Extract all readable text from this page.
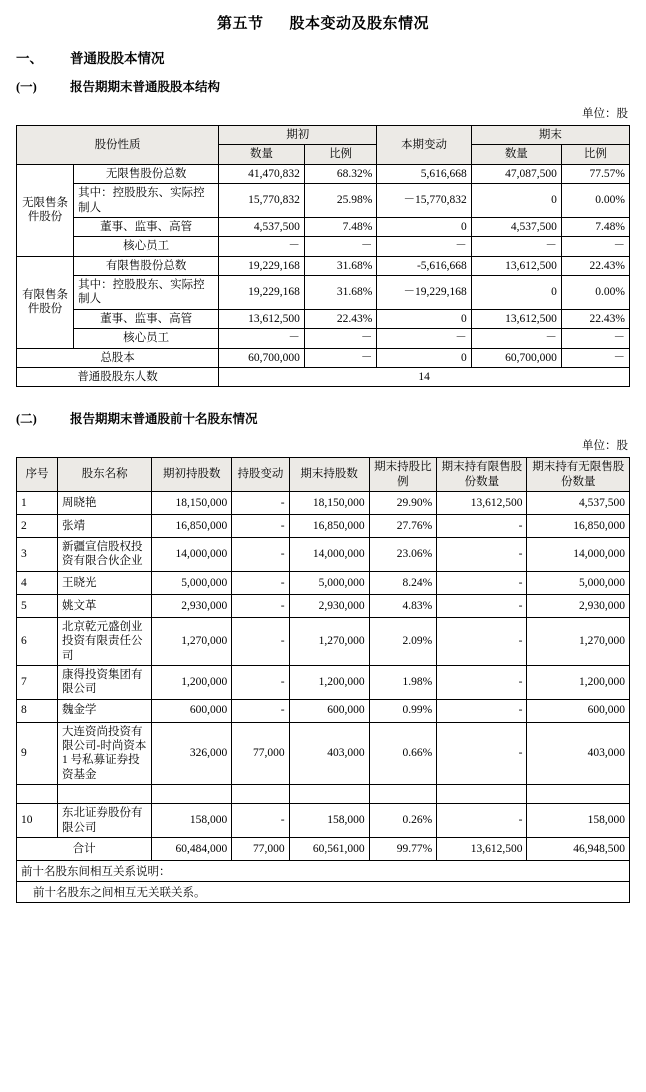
第五节 股本变动及股东情况
一、 普通股股本情况
(一)	报告期期末普通股股本结构
单位：股
股份性质		期初		本期变动	期末	
		数量	比例		数量	比例
无限售条件股份	无限售股份总数	41,470,832	68.32%	5,616,668	47,087,500	77.57%
	其中：控股股东、实际控制人	15,770,832	25.98%	－15,770,832	0	0.00%
	董事、监事、高管	4,537,500	7.48%	0	4,537,500	7.48%
	核心员工	－	－	－	－	－
有限售条件股份	有限售股份总数	19,229,168	31.68%	-5,616,668	13,612,500	22.43%
	其中：控股股东、实际控制人	19,229,168	31.68%	－19,229,168	0	0.00%
	董事、监事、高管	13,612,500	22.43%	0	13,612,500	22.43%
	核心员工	－	－	－	－	－
总股本		60,700,000	－	0	60,700,000	－
普通股股东人数		14				
(二)	报告期期末普通股前十名股东情况
单位：股
序号	股东名称	期初持股数	持股变动	期末持股数	期末持股比例	期末持有限售股份数量	期末持有无限售股份数量
1	周晓艳	18,150,000	-	18,150,000	29.90%	13,612,500	4,537,500
2	张靖	16,850,000	-	16,850,000	27.76%	-	16,850,000
3	新疆宣信股权投资有限合伙企业	14,000,000	-	14,000,000	23.06%	-	14,000,000
4	王晓光	5,000,000	-	5,000,000	8.24%	-	5,000,000
5	姚文革	2,930,000	-	2,930,000	4.83%	-	2,930,000
6	北京乾元盛创业投资有限责任公司	1,270,000	-	1,270,000	2.09%	-	1,270,000
7	康得投资集团有限公司	1,200,000	-	1,200,000	1.98%	-	1,200,000
8	魏金学	600,000	-	600,000	0.99%	-	600,000
9	大连资尚投资有限公司-时尚资本 1 号私募证券投资基金	326,000	77,000	403,000	0.66%	-	403,000

10	东北证券股份有限公司	158,000	-	158,000	0.26%	-	158,000
合计		60,484,000	77,000	60,561,000	99.77%	13,612,500	46,948,500
前十名股东间相互关系说明：
前十名股东之间相互无关联关系。
